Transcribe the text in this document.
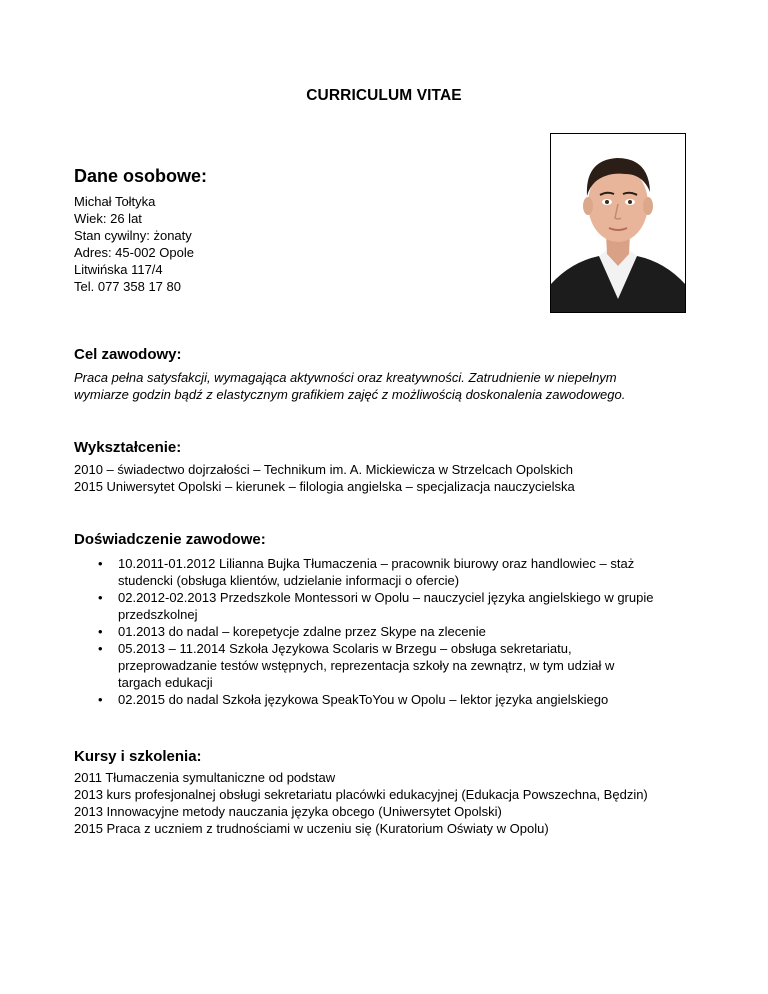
CURRICULUM VITAE
Dane osobowe:
Michał Tołtyka
Wiek: 26 lat
Stan cywilny: żonaty
Adres: 45-002 Opole
Litwińska 117/4
Tel. 077 358 17 80
Cel zawodowy:
Praca pełna satysfakcji, wymagająca aktywności oraz kreatywności. Zatrudnienie w niepełnym
wymiarze godzin bądź z elastycznym grafikiem zajęć z możliwością doskonalenia zawodowego.
Wykształcenie:
2010 – świadectwo dojrzałości – Technikum im. A. Mickiewicza w Strzelcach Opolskich
2015 Uniwersytet Opolski – kierunek – filologia angielska – specjalizacja nauczycielska
Doświadczenie zawodowe:
• 10.2011-01.2012 Lilianna Bujka Tłumaczenia – pracownik biurowy oraz handlowiec – staż
studencki (obsługa klientów, udzielanie informacji o ofercie)
• 02.2012-02.2013 Przedszkole Montessori w Opolu – nauczyciel języka angielskiego w grupie
przedszkolnej
• 01.2013 do nadal – korepetycje zdalne przez Skype na zlecenie
• 05.2013 – 11.2014 Szkoła Językowa Scolaris w Brzegu – obsługa sekretariatu,
przeprowadzanie testów wstępnych, reprezentacja szkoły na zewnątrz, w tym udział w
targach edukacji
• 02.2015 do nadal Szkoła językowa SpeakToYou w Opolu – lektor języka angielskiego
Kursy i szkolenia:
2011 Tłumaczenia symultaniczne od podstaw
2013 kurs profesjonalnej obsługi sekretariatu placówki edukacyjnej (Edukacja Powszechna, Będzin)
2013 Innowacyjne metody nauczania języka obcego (Uniwersytet Opolski)
2015 Praca z uczniem z trudnościami w uczeniu się (Kuratorium Oświaty w Opolu)
